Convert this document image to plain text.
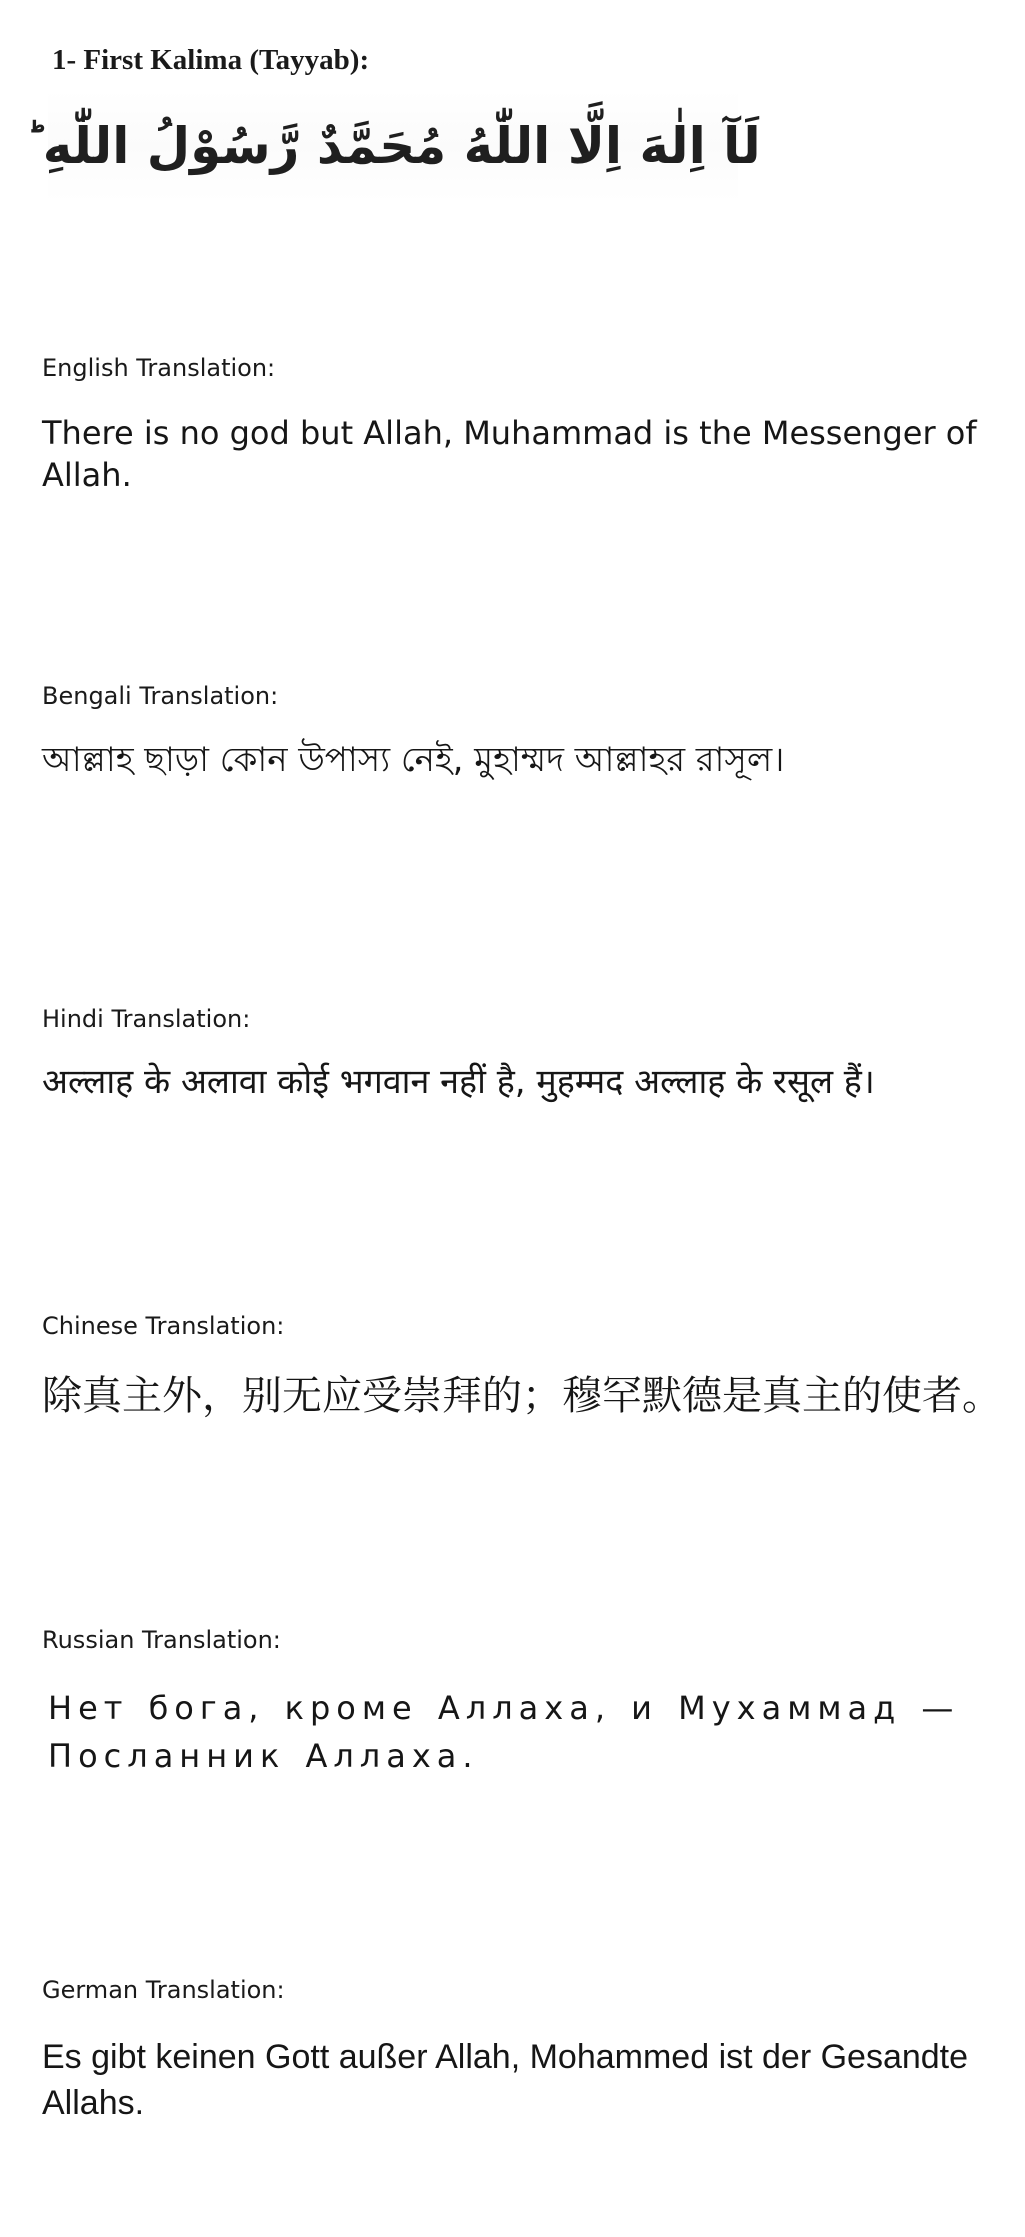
1- First Kalima (Tayyab):
لَآ اِلٰهَ اِلَّا اللّٰهُ مُحَمَّدٌ رَّسُوْلُ اللّٰهِ ؕ

English Translation:

There is no god but Allah, Muhammad is the Messenger of Allah.

Bengali Translation:

আল্লাহ ছাড়া কোন উপাস্য নেই, মুহাম্মদ আল্লাহর রাসূল।

Hindi Translation:

अल्लाह के अलावा कोई भगवान नहीं है, मुहम्मद अल्लाह के रसूल हैं।

Chinese Translation:

除真主外，别无应受崇拜的；穆罕默德是真主的使者。

Russian Translation:

Нет бога, кроме Аллаха, и Мухаммад — Посланник Аллаха.

German Translation:

Es gibt keinen Gott außer Allah, Mohammed ist der Gesandte Allahs.
